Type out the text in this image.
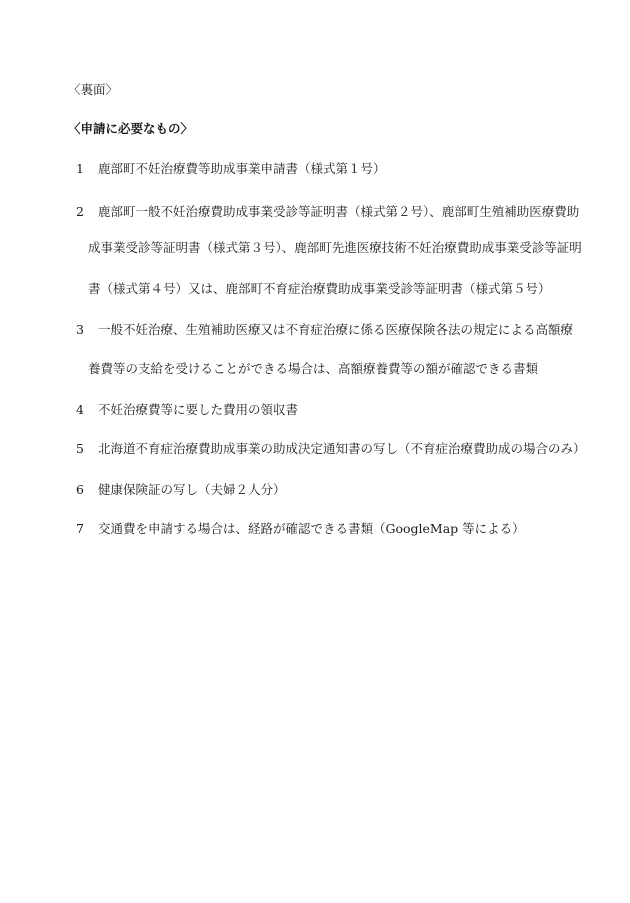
〈裏面〉
〈申請に必要なもの〉
1 鹿部町不妊治療費等助成事業申請書（様式第１号）
2 鹿部町一般不妊治療費助成事業受診等証明書（様式第２号）、鹿部町生殖補助医療費助
成事業受診等証明書（様式第３号）、鹿部町先進医療技術不妊治療費助成事業受診等証明
書（様式第４号）又は、鹿部町不育症治療費助成事業受診等証明書（様式第５号）
3 一般不妊治療、生殖補助医療又は不育症治療に係る医療保険各法の規定による高額療
養費等の支給を受けることができる場合は、高額療養費等の額が確認できる書類
4 不妊治療費等に要した費用の領収書
5 北海道不育症治療費助成事業の助成決定通知書の写し（不育症治療費助成の場合のみ）
6 健康保険証の写し（夫婦２人分）
7 交通費を申請する場合は、経路が確認できる書類（GoogleMap 等による）
